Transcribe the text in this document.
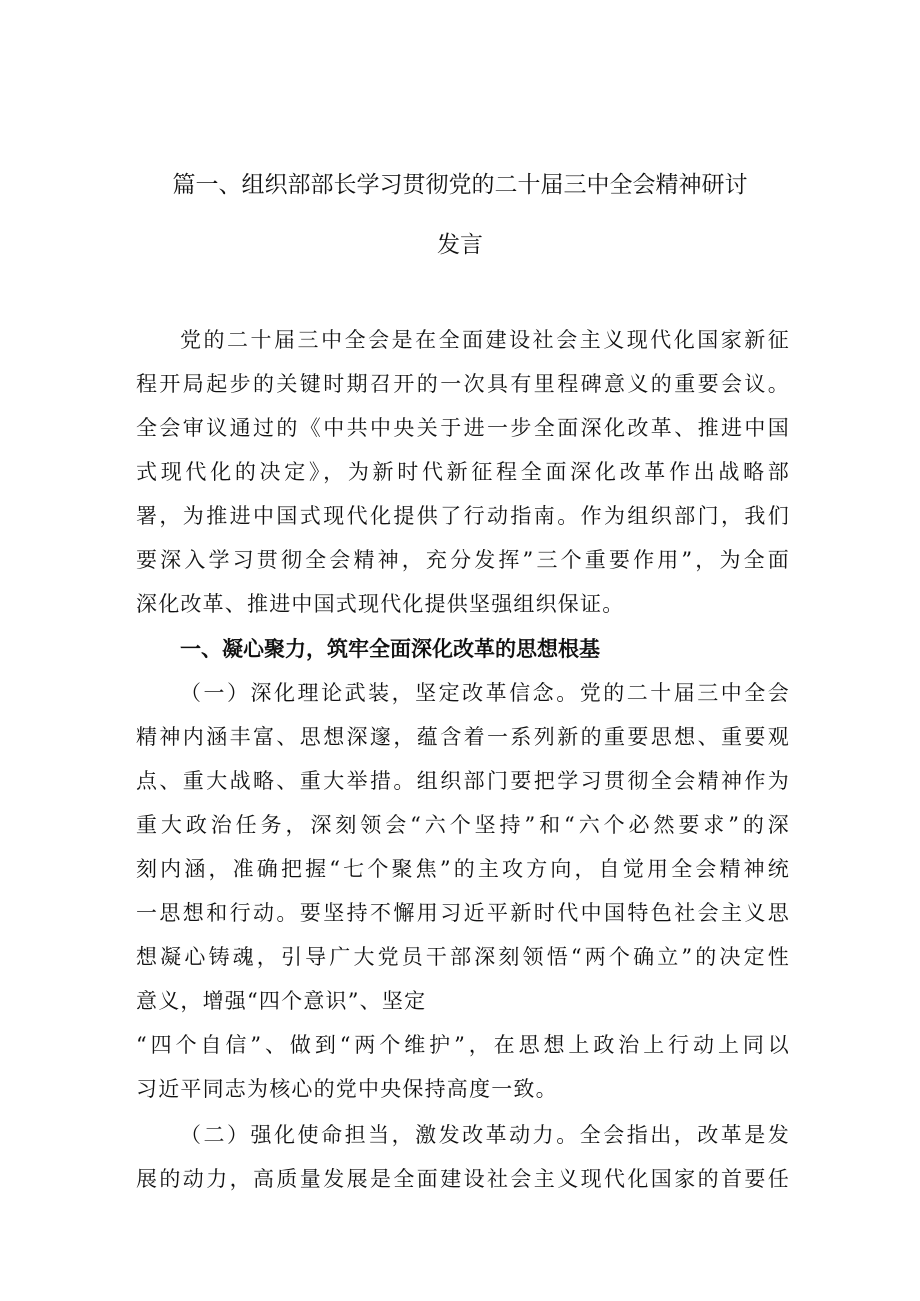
篇一、组织部部长学习贯彻党的二十届三中全会精神研讨
发言
党的二十届三中全会是在全面建设社会主义现代化国家新征
程开局起步的关键时期召开的一次具有里程碑意义的重要会议。
全会审议通过的《中共中央关于进一步全面深化改革、推进中国
式现代化的决定》，为新时代新征程全面深化改革作出战略部
署，为推进中国式现代化提供了行动指南。作为组织部门，我们
要深入学习贯彻全会精神，充分发挥”三个重要作用”，为全面
深化改革、推进中国式现代化提供坚强组织保证。
一、凝心聚力，筑牢全面深化改革的思想根基
（一）深化理论武装，坚定改革信念。党的二十届三中全会
精神内涵丰富、思想深邃，蕴含着一系列新的重要思想、重要观
点、重大战略、重大举措。组织部门要把学习贯彻全会精神作为
重大政治任务，深刻领会“六个坚持”和“六个必然要求”的深
刻内涵，准确把握“七个聚焦”的主攻方向，自觉用全会精神统
一思想和行动。要坚持不懈用习近平新时代中国特色社会主义思
想凝心铸魂，引导广大党员干部深刻领悟“两个确立”的决定性
意义，增强“四个意识”、坚定
“四个自信”、做到“两个维护”，在思想上政治上行动上同以
习近平同志为核心的党中央保持高度一致。
（二）强化使命担当，激发改革动力。全会指出，改革是发
展的动力，高质量发展是全面建设社会主义现代化国家的首要任
